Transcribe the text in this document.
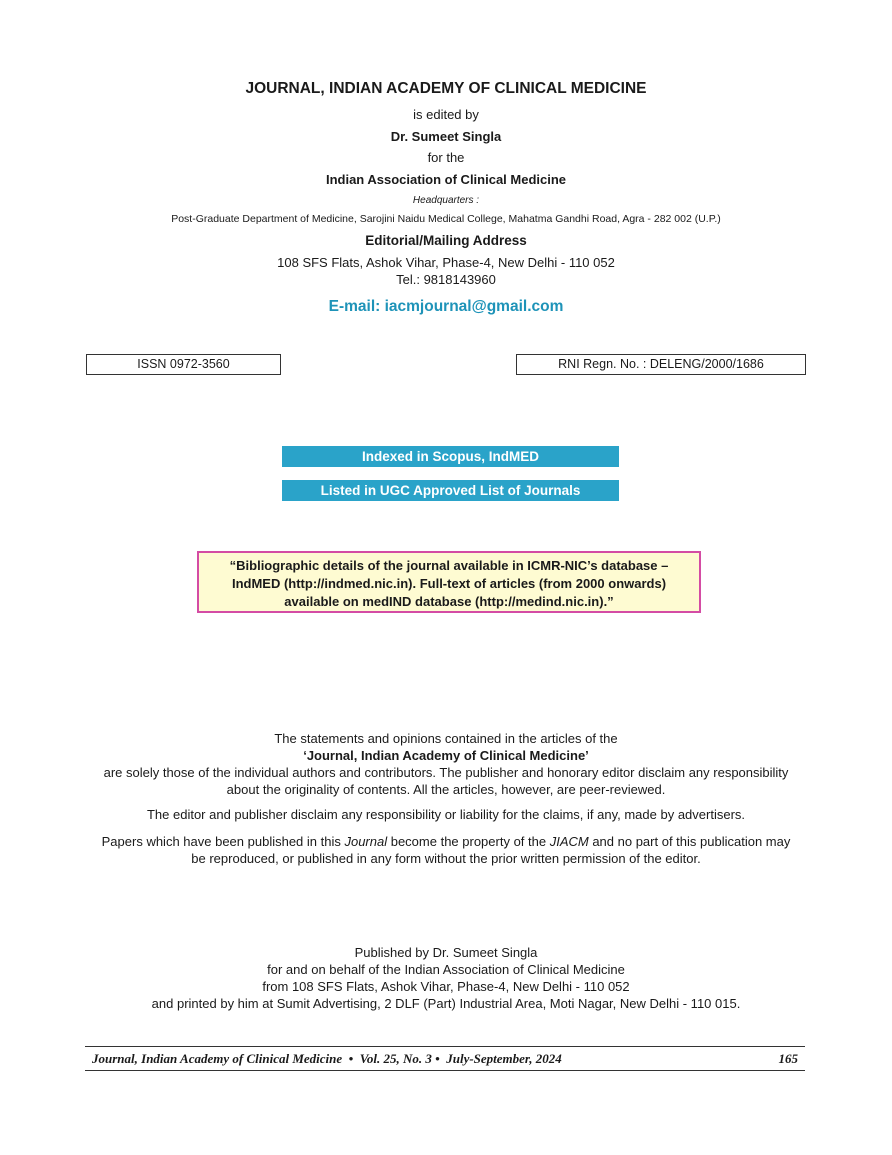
JOURNAL, INDIAN ACADEMY OF CLINICAL MEDICINE
is edited by
Dr. Sumeet Singla
for the
Indian Association of Clinical Medicine
Headquarters :
Post-Graduate Department of Medicine, Sarojini Naidu Medical College, Mahatma Gandhi Road, Agra - 282 002 (U.P.)
Editorial/Mailing Address
108 SFS Flats, Ashok Vihar, Phase-4, New Delhi - 110 052
Tel.: 9818143960
E-mail: iacmjournal@gmail.com
ISSN 0972-3560	RNI Regn. No. : DELENG/2000/1686
Indexed in Scopus, IndMED
Listed in UGC Approved List of Journals
“Bibliographic details of the journal available in ICMR-NIC’s database –
IndMED (http://indmed.nic.in). Full-text of articles (from 2000 onwards)
available on medIND database (http://medind.nic.in).”
The statements and opinions contained in the articles of the
‘Journal, Indian Academy of Clinical Medicine’
are solely those of the individual authors and contributors. The publisher and honorary editor disclaim any responsibility
about the originality of contents. All the articles, however, are peer-reviewed.
The editor and publisher disclaim any responsibility or liability for the claims, if any, made by advertisers.
Papers which have been published in this Journal become the property of the JIACM and no part of this publication may
be reproduced, or published in any form without the prior written permission of the editor.
Published by Dr. Sumeet Singla
for and on behalf of the Indian Association of Clinical Medicine
from 108 SFS Flats, Ashok Vihar, Phase-4, New Delhi - 110 052
and printed by him at Sumit Advertising, 2 DLF (Part) Industrial Area, Moti Nagar, New Delhi - 110 015.
Journal, Indian Academy of Clinical Medicine  •  Vol. 25, No. 3 •  July-September, 2024	165
